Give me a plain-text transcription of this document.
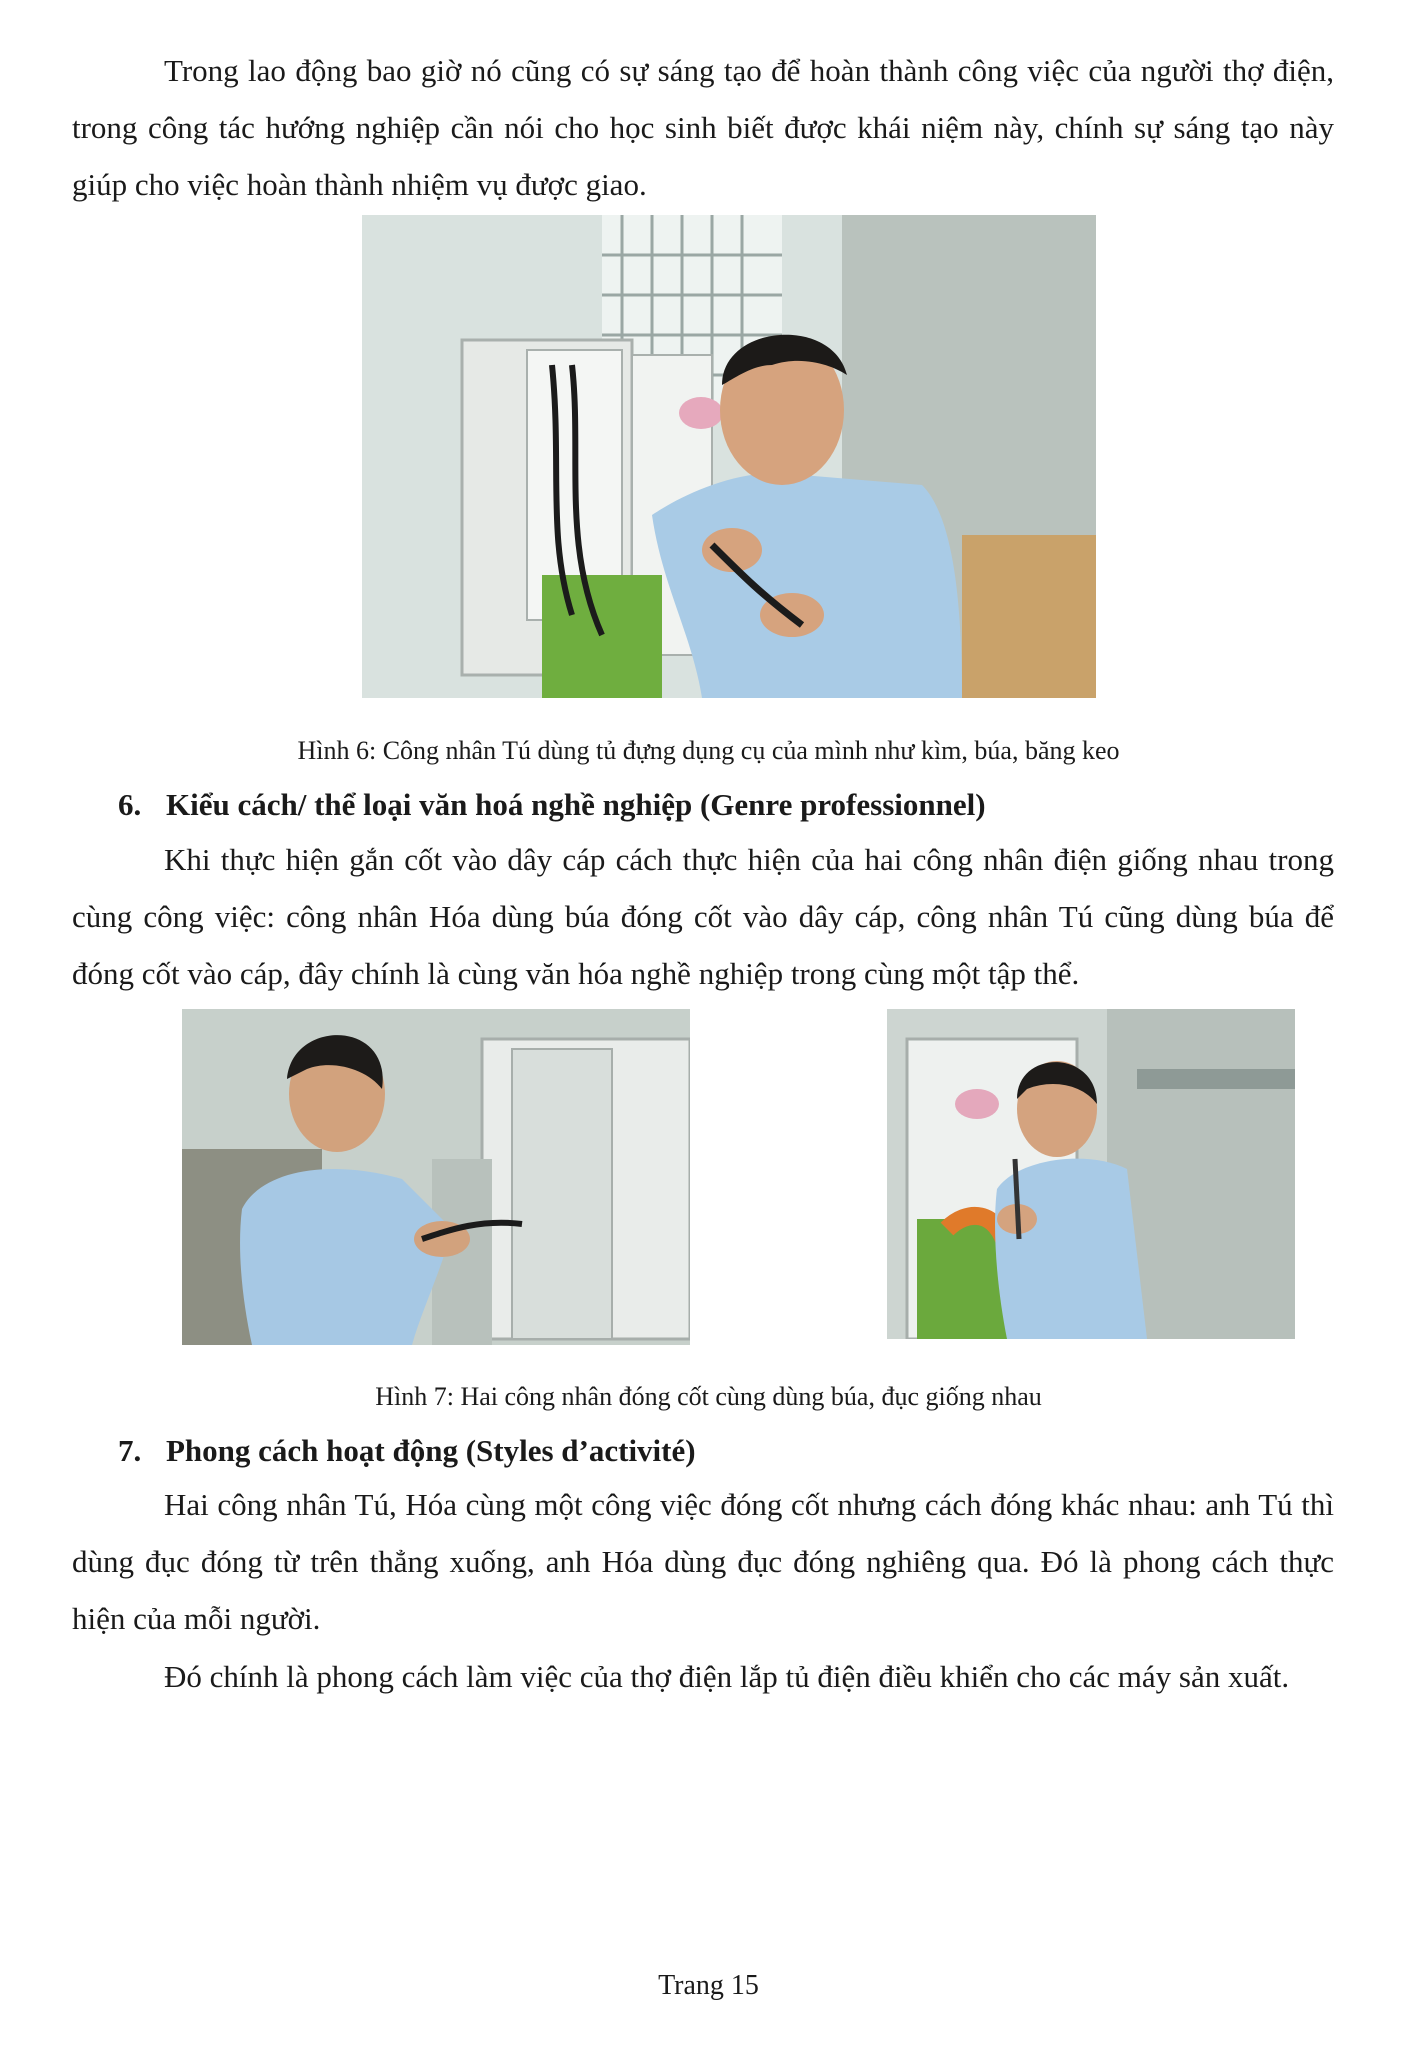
Trong lao động bao giờ nó cũng có sự sáng tạo để hoàn thành công việc của người thợ điện, trong công tác hướng nghiệp cần nói cho học sinh biết được khái niệm này, chính sự sáng tạo này giúp cho việc hoàn thành nhiệm vụ được giao.

Hình 6: Công nhân Tú dùng tủ đựng dụng cụ của mình như kìm, búa, băng keo

6. Kiểu cách/ thể loại văn hoá nghề nghiệp (Genre professionnel)

Khi thực hiện gắn cốt vào dây cáp cách thực hiện của hai công nhân điện giống nhau trong cùng công việc: công nhân Hóa dùng búa đóng cốt vào dây cáp, công nhân Tú cũng dùng búa để đóng cốt vào cáp, đây chính là cùng văn hóa nghề nghiệp trong cùng một tập thể.

Hình 7: Hai công nhân đóng cốt cùng dùng búa, đục giống nhau

7. Phong cách hoạt động (Styles d’activité)

Hai công nhân Tú, Hóa cùng một công việc đóng cốt nhưng cách đóng khác nhau: anh Tú thì dùng đục đóng từ trên thẳng xuống, anh Hóa dùng đục đóng nghiêng qua. Đó là phong cách thực hiện của mỗi người.

Đó chính là phong cách làm việc của thợ điện lắp tủ điện điều khiển cho các máy sản xuất.

Trang 15
